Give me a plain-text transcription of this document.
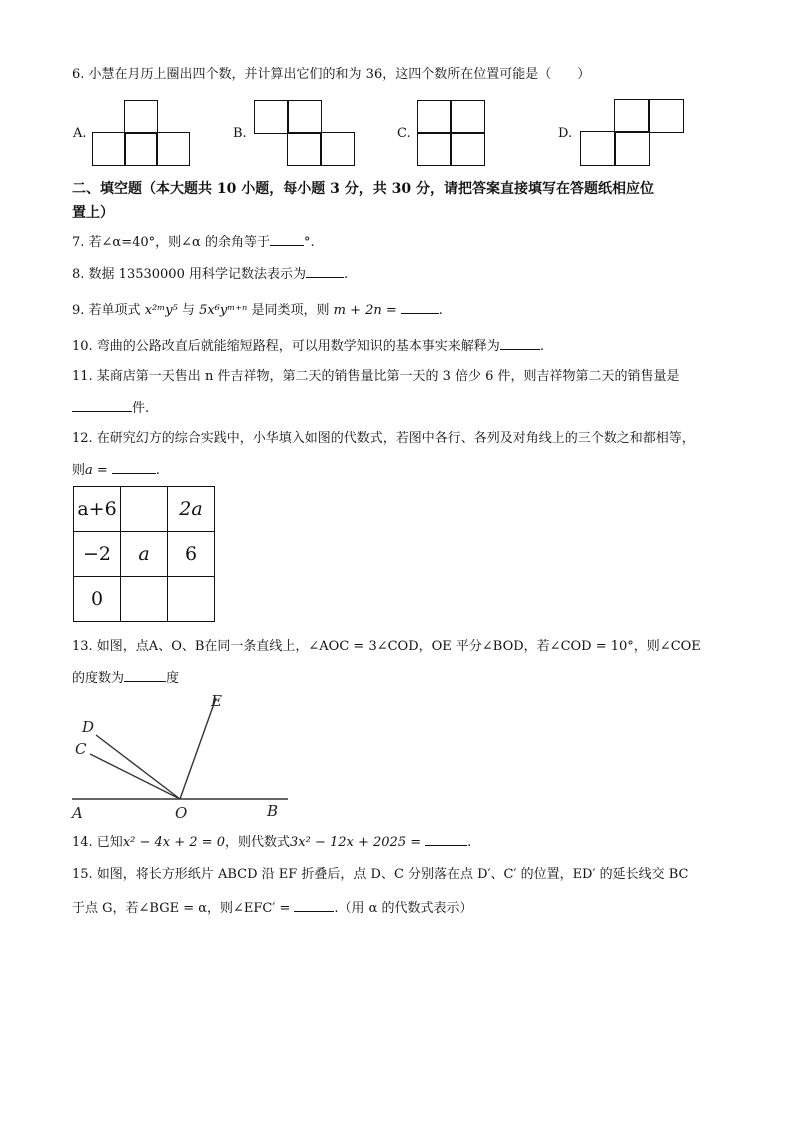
6. 小慧在月历上圈出四个数，并计算出它们的和为 36，这四个数所在位置可能是（　　）
A.	B.	C.	D.
二、填空题（本大题共 10 小题，每小题 3 分，共 30 分，请把答案直接填写在答题纸相应位
置上）
7. 若∠α=40°，则∠α 的余角等于	°.
8. 数据 13530000 用科学记数法表示为	.
9. 若单项式 x²ᵐy⁵ 与 5x⁶yᵐ⁺ⁿ 是同类项，则 m + 2n =	.
10. 弯曲的公路改直后就能缩短路程，可以用数学知识的基本事实来解释为	.
11. 某商店第一天售出 n 件吉祥物，第二天的销售量比第一天的 3 倍少 6 件，则吉祥物第二天的销售量是
件.
12. 在研究幻方的综合实践中，小华填入如图的代数式，若图中各行、各列及对角线上的三个数之和都相等，
则a =	.
a+6		2a
−2	a	6
0		
13. 如图，点A、O、B在同一条直线上，∠AOC = 3∠COD，OE 平分∠BOD，若∠COD = 10°，则∠COE
的度数为	度
E
D
C
A	O	B
14. 已知x² − 4x + 2 = 0，则代数式3x² − 12x + 2025 =	.
15. 如图，将长方形纸片 ABCD 沿 EF 折叠后，点 D、C 分别落在点 D′、C′ 的位置，ED′ 的延长线交 BC
于点 G，若∠BGE = α，则∠EFC′ =	.（用 α 的代数式表示）
